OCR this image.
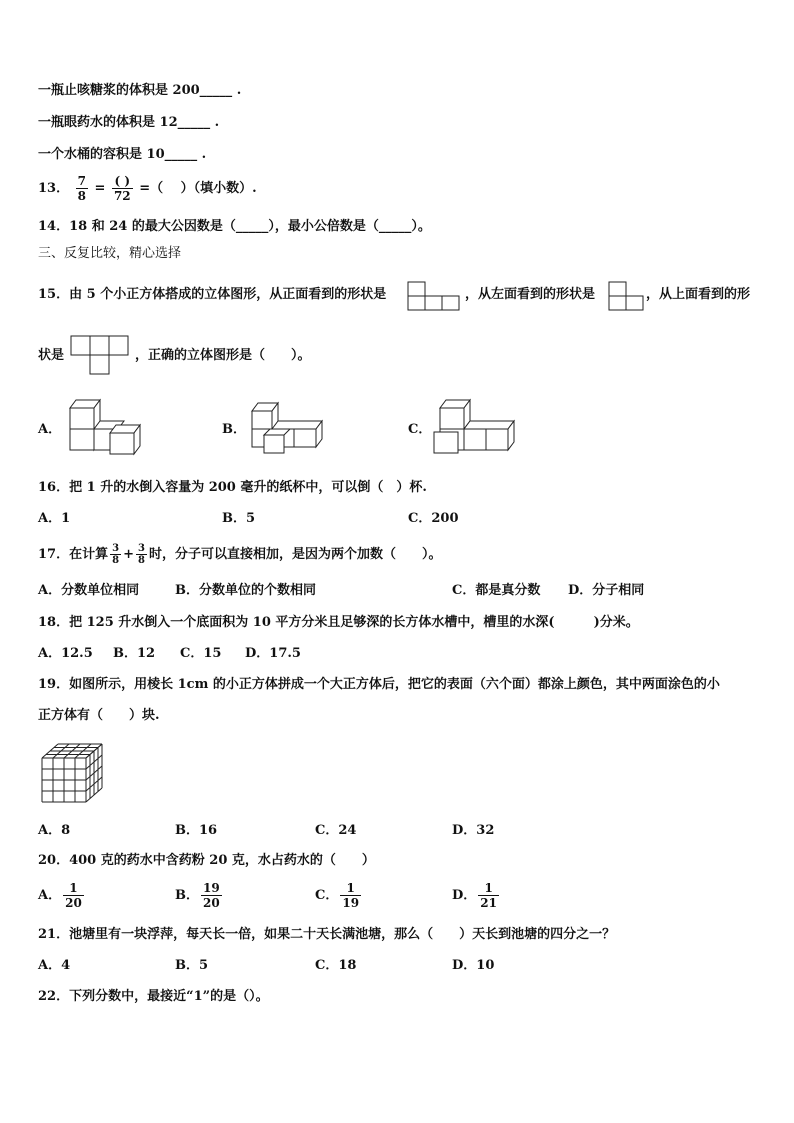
一瓶止咳糖浆的体积是 200_____ .
一瓶眼药水的体积是 12_____ .
一个水桶的容积是 10_____ .
13． $\frac{7}{8} = \frac{( )}{72}$ =（　 ）（填小数）.
14．18 和 24 的最大公因数是（_____），最小公倍数是（_____）。
三、反复比较，精心选择
15．由 5 个小正方体搭成的立体图形，从正面看到的形状是	，从左面看到的形状是	，从上面看到的形
状是	，正确的立体图形是（　　）。
A．	B．	C．
16．把 1 升的水倒入容量为 200 毫升的纸杯中，可以倒（　）杯.
A．1	B．5	C．200
17．在计算 $\frac{3}{8} + \frac{3}{8}$ 时，分子可以直接相加，是因为两个加数（　　）。
A．分数单位相同	B．分数单位的个数相同	C．都是真分数 D．分子相同
18．把 125 升水倒入一个底面积为 10 平方分米且足够深的长方体水槽中，槽里的水深(　　　)分米。
A．12.5 B．12 C．15 D．17.5
19．如图所示，用棱长 1cm 的小正方体拼成一个大正方体后，把它的表面（六个面）都涂上颜色，其中两面涂色的小
正方体有（　　）块.
A．8	B．16	C．24	D．32
20．400 克的药水中含药粉 20 克，水占药水的（　　）
A． $\frac{1}{20}$	B． $\frac{19}{20}$	C． $\frac{1}{19}$	D． $\frac{1}{21}$
21．池塘里有一块浮萍，每天长一倍，如果二十天长满池塘，那么（　　）天长到池塘的四分之一？
A．4	B．5	C．18	D．10
22．下列分数中，最接近“1”的是（）。
